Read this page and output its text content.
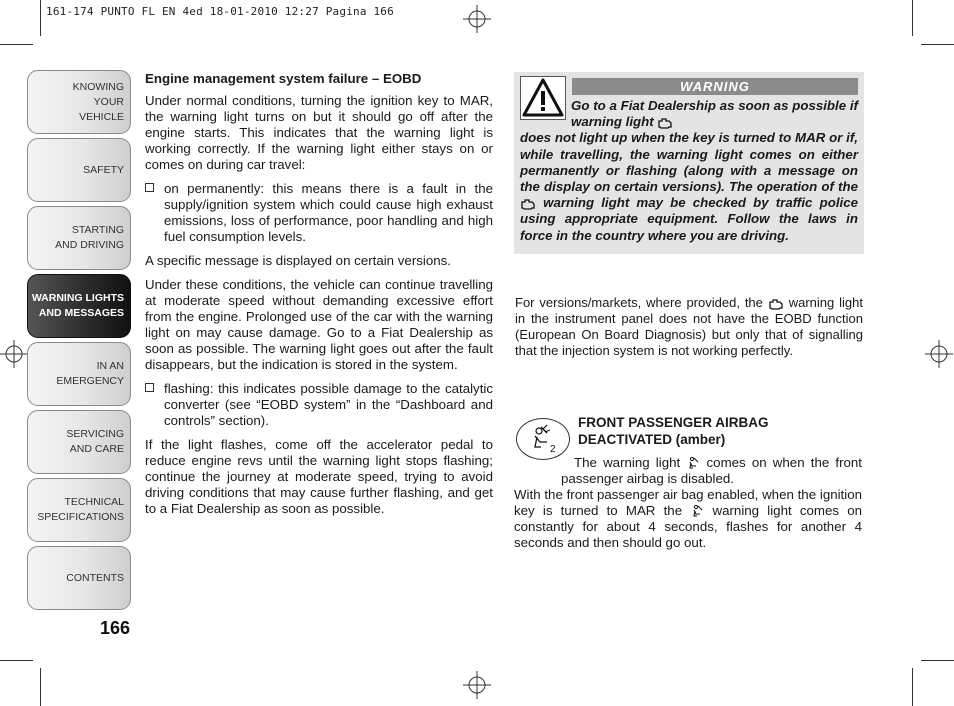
161-174 PUNTO FL EN 4ed 18-01-2010 12:27 Pagina 166
KNOWING
YOUR
VEHICLE
SAFETY
STARTING
AND DRIVING
WARNING LIGHTS
AND MESSAGES
IN AN
EMERGENCY
SERVICING
AND CARE
TECHNICAL
SPECIFICATIONS
CONTENTS
166

Engine management system failure – EOBD

Under normal conditions, turning the ignition key to MAR, the warning light turns on but it should go off after the engine starts. This indicates that the warning light is working correctly. If the warning light either stays on or comes on during car travel:

on permanently: this means there is a fault in the supply/ignition system which could cause high exhaust emissions, loss of performance, poor handling and high fuel consumption levels.

A specific message is displayed on certain versions.

Under these conditions, the vehicle can continue travelling at moderate speed without demanding excessive effort from the engine. Prolonged use of the car with the warning light on may cause damage. Go to a Fiat Dealership as soon as possible. The warning light goes out after the fault disappears, but the indication is stored in the system.

flashing: this indicates possible damage to the catalytic converter (see “EOBD system” in the “Dashboard and controls” section).

If the light flashes, come off the accelerator pedal to reduce engine revs until the warning light stops flashing; continue the journey at moderate speed, trying to avoid driving conditions that may cause further flashing, and get to a Fiat Dealership as soon as possible.

WARNING
Go to a Fiat Dealership as soon as possible if warning light
does not light up when the key is turned to MAR or if, while travelling, the warning light comes on either permanently or flashing (along with a message on the display on certain versions). The operation of the  warning light may be checked by traffic police using appropriate equipment. Follow the laws in force in the country where you are driving.
For versions/markets, where provided, the warning light in the instrument panel does not have the EOBD function (European On Board Diagnosis) but only that of signalling that the injection system is not working perfectly.
2
FRONT PASSENGER AIRBAG DEACTIVATED (amber)
The warning light comes on when the front passenger airbag is disabled.
With the front passenger air bag enabled, when the ignition key is turned to MAR the warning light comes on constantly for about 4 seconds, flashes for another 4 seconds and then should go out.
